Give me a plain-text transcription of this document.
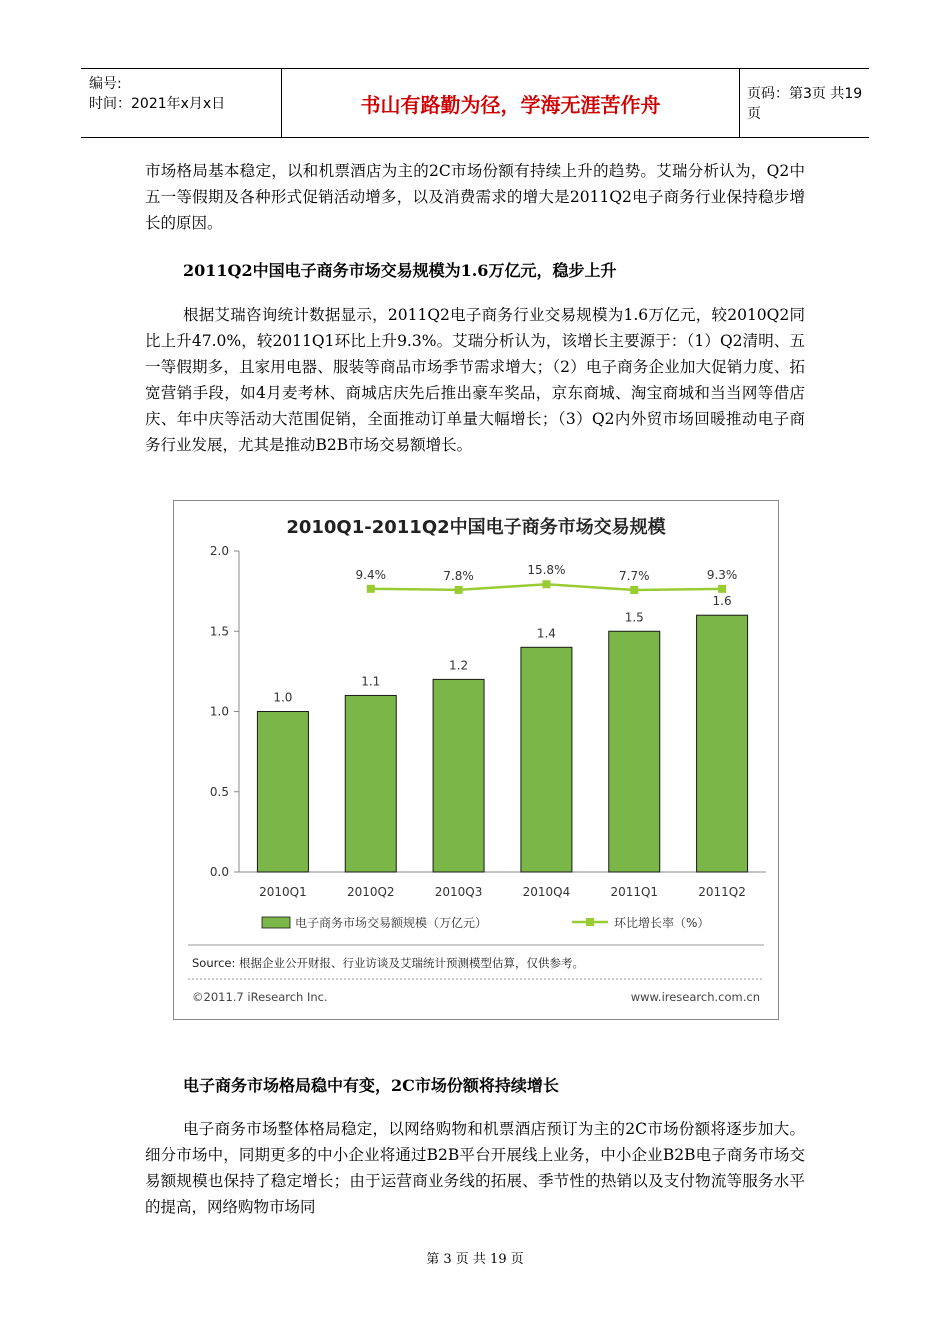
编号:
时间：2021年x月x日	书山有路勤为径，学海无涯苦作舟	页码：第3页 共19页

市场格局基本稳定，以和机票酒店为主的2C市场份额有持续上升的趋势。艾瑞分析认为，Q2中五一等假期及各种形式促销活动增多，以及消费需求的增大是2011Q2电子商务行业保持稳步增长的原因。

2011Q2中国电子商务市场交易规模为1.6万亿元，稳步上升

根据艾瑞咨询统计数据显示，2011Q2电子商务行业交易规模为1.6万亿元，较2010Q2同比上升47.0%，较2011Q1环比上升9.3%。艾瑞分析认为，该增长主要源于：（1）Q2清明、五一等假期多，且家用电器、服装等商品市场季节需求增大；（2）电子商务企业加大促销力度、拓宽营销手段，如4月麦考林、商城店庆先后推出豪车奖品，京东商城、淘宝商城和当当网等借店庆、年中庆等活动大范围促销，全面推动订单量大幅增长；（3）Q2内外贸市场回暖推动电子商务行业发展，尤其是推动B2B市场交易额增长。

2010Q1-2011Q2中国电子商务市场交易规模
0.0
0.5
1.0
1.5
2.0
1.0
2010Q1
1.1
2010Q2
1.2
2010Q3
1.4
2010Q4
1.5
2011Q1
1.6
2011Q2
9.4%	7.8%	15.8%	7.7%	9.3%
电子商务市场交易额规模（万亿元）	环比增长率（%）
Source: 根据企业公开财报、行业访谈及艾瑞统计预测模型估算，仅供参考。
©2011.7 iResearch Inc.	www.iresearch.com.cn
电子商务市场格局稳中有变，2C市场份额将持续增长

电子商务市场整体格局稳定，以网络购物和机票酒店预订为主的2C市场份额将逐步加大。细分市场中，同期更多的中小企业将通过B2B平台开展线上业务，中小企业B2B电子商务市场交易额规模也保持了稳定增长；由于运营商业务线的拓展、季节性的热销以及支付物流等服务水平的提高，网络购物市场同

第 3 页 共 19 页
